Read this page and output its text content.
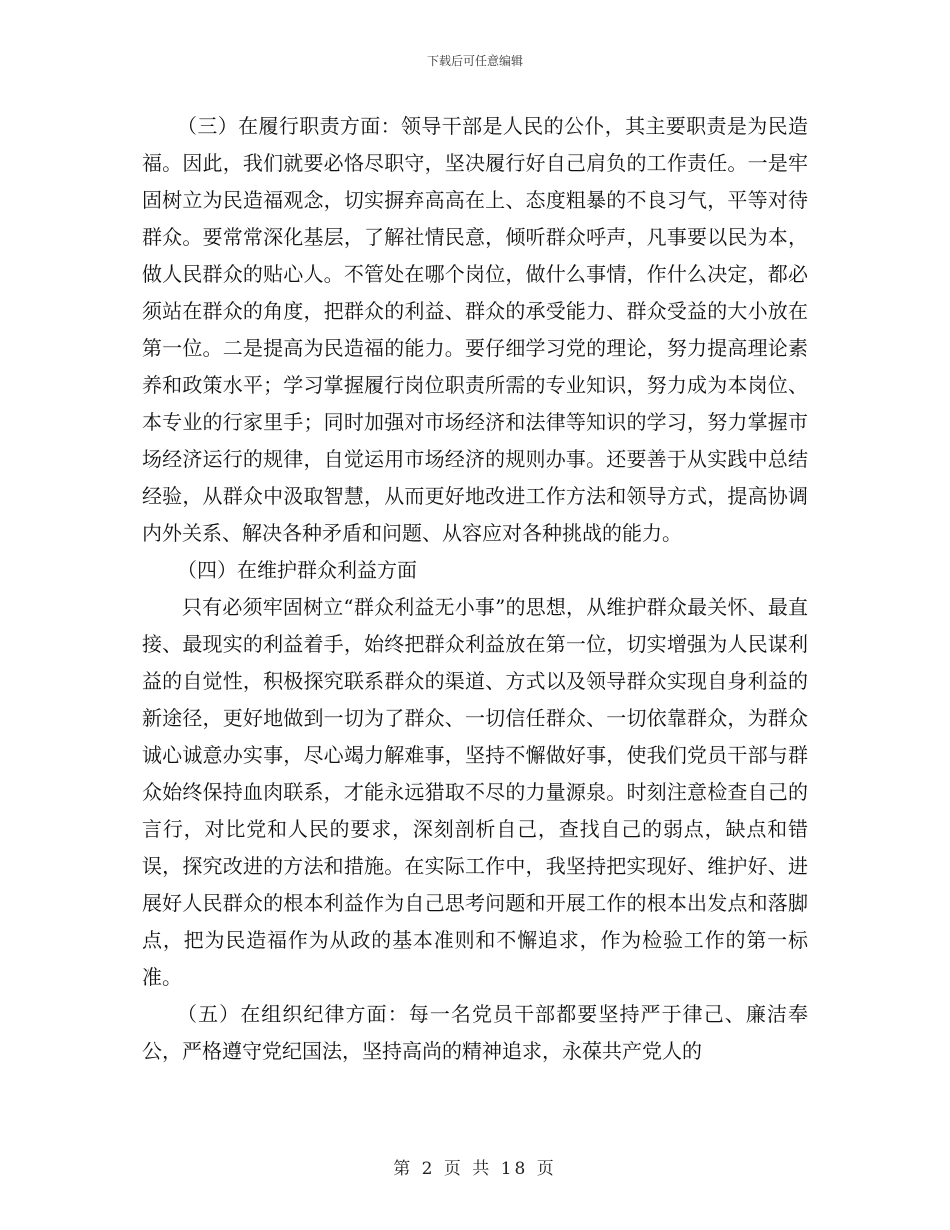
下载后可任意编辑

（三）在履行职责方面：领导干部是人民的公仆，其主要职责是为民造福。因此，我们就要必恪尽职守，坚决履行好自己肩负的工作责任。一是牢固树立为民造福观念，切实摒弃高高在上、态度粗暴的不良习气，平等对待群众。要常常深化基层，了解社情民意，倾听群众呼声，凡事要以民为本，做人民群众的贴心人。不管处在哪个岗位，做什么事情，作什么决定，都必须站在群众的角度，把群众的利益、群众的承受能力、群众受益的大小放在第一位。二是提高为民造福的能力。要仔细学习党的理论，努力提高理论素养和政策水平；学习掌握履行岗位职责所需的专业知识，努力成为本岗位、本专业的行家里手；同时加强对市场经济和法律等知识的学习，努力掌握市场经济运行的规律，自觉运用市场经济的规则办事。还要善于从实践中总结经验，从群众中汲取智慧，从而更好地改进工作方法和领导方式，提高协调内外关系、解决各种矛盾和问题、从容应对各种挑战的能力。

（四）在维护群众利益方面

只有必须牢固树立“群众利益无小事”的思想，从维护群众最关怀、最直接、最现实的利益着手，始终把群众利益放在第一位，切实增强为人民谋利益的自觉性，积极探究联系群众的渠道、方式以及领导群众实现自身利益的新途径，更好地做到一切为了群众、一切信任群众、一切依靠群众，为群众诚心诚意办实事，尽心竭力解难事，坚持不懈做好事，使我们党员干部与群众始终保持血肉联系，才能永远猎取不尽的力量源泉。时刻注意检查自己的言行，对比党和人民的要求，深刻剖析自己，查找自己的弱点，缺点和错误，探究改进的方法和措施。在实际工作中，我坚持把实现好、维护好、进展好人民群众的根本利益作为自己思考问题和开展工作的根本出发点和落脚点，把为民造福作为从政的基本准则和不懈追求，作为检验工作的第一标准。

（五）在组织纪律方面：每一名党员干部都要坚持严于律己、廉洁奉公，严格遵守党纪国法，坚持高尚的精神追求，永葆共产党人的

第 2 页 共 18 页
